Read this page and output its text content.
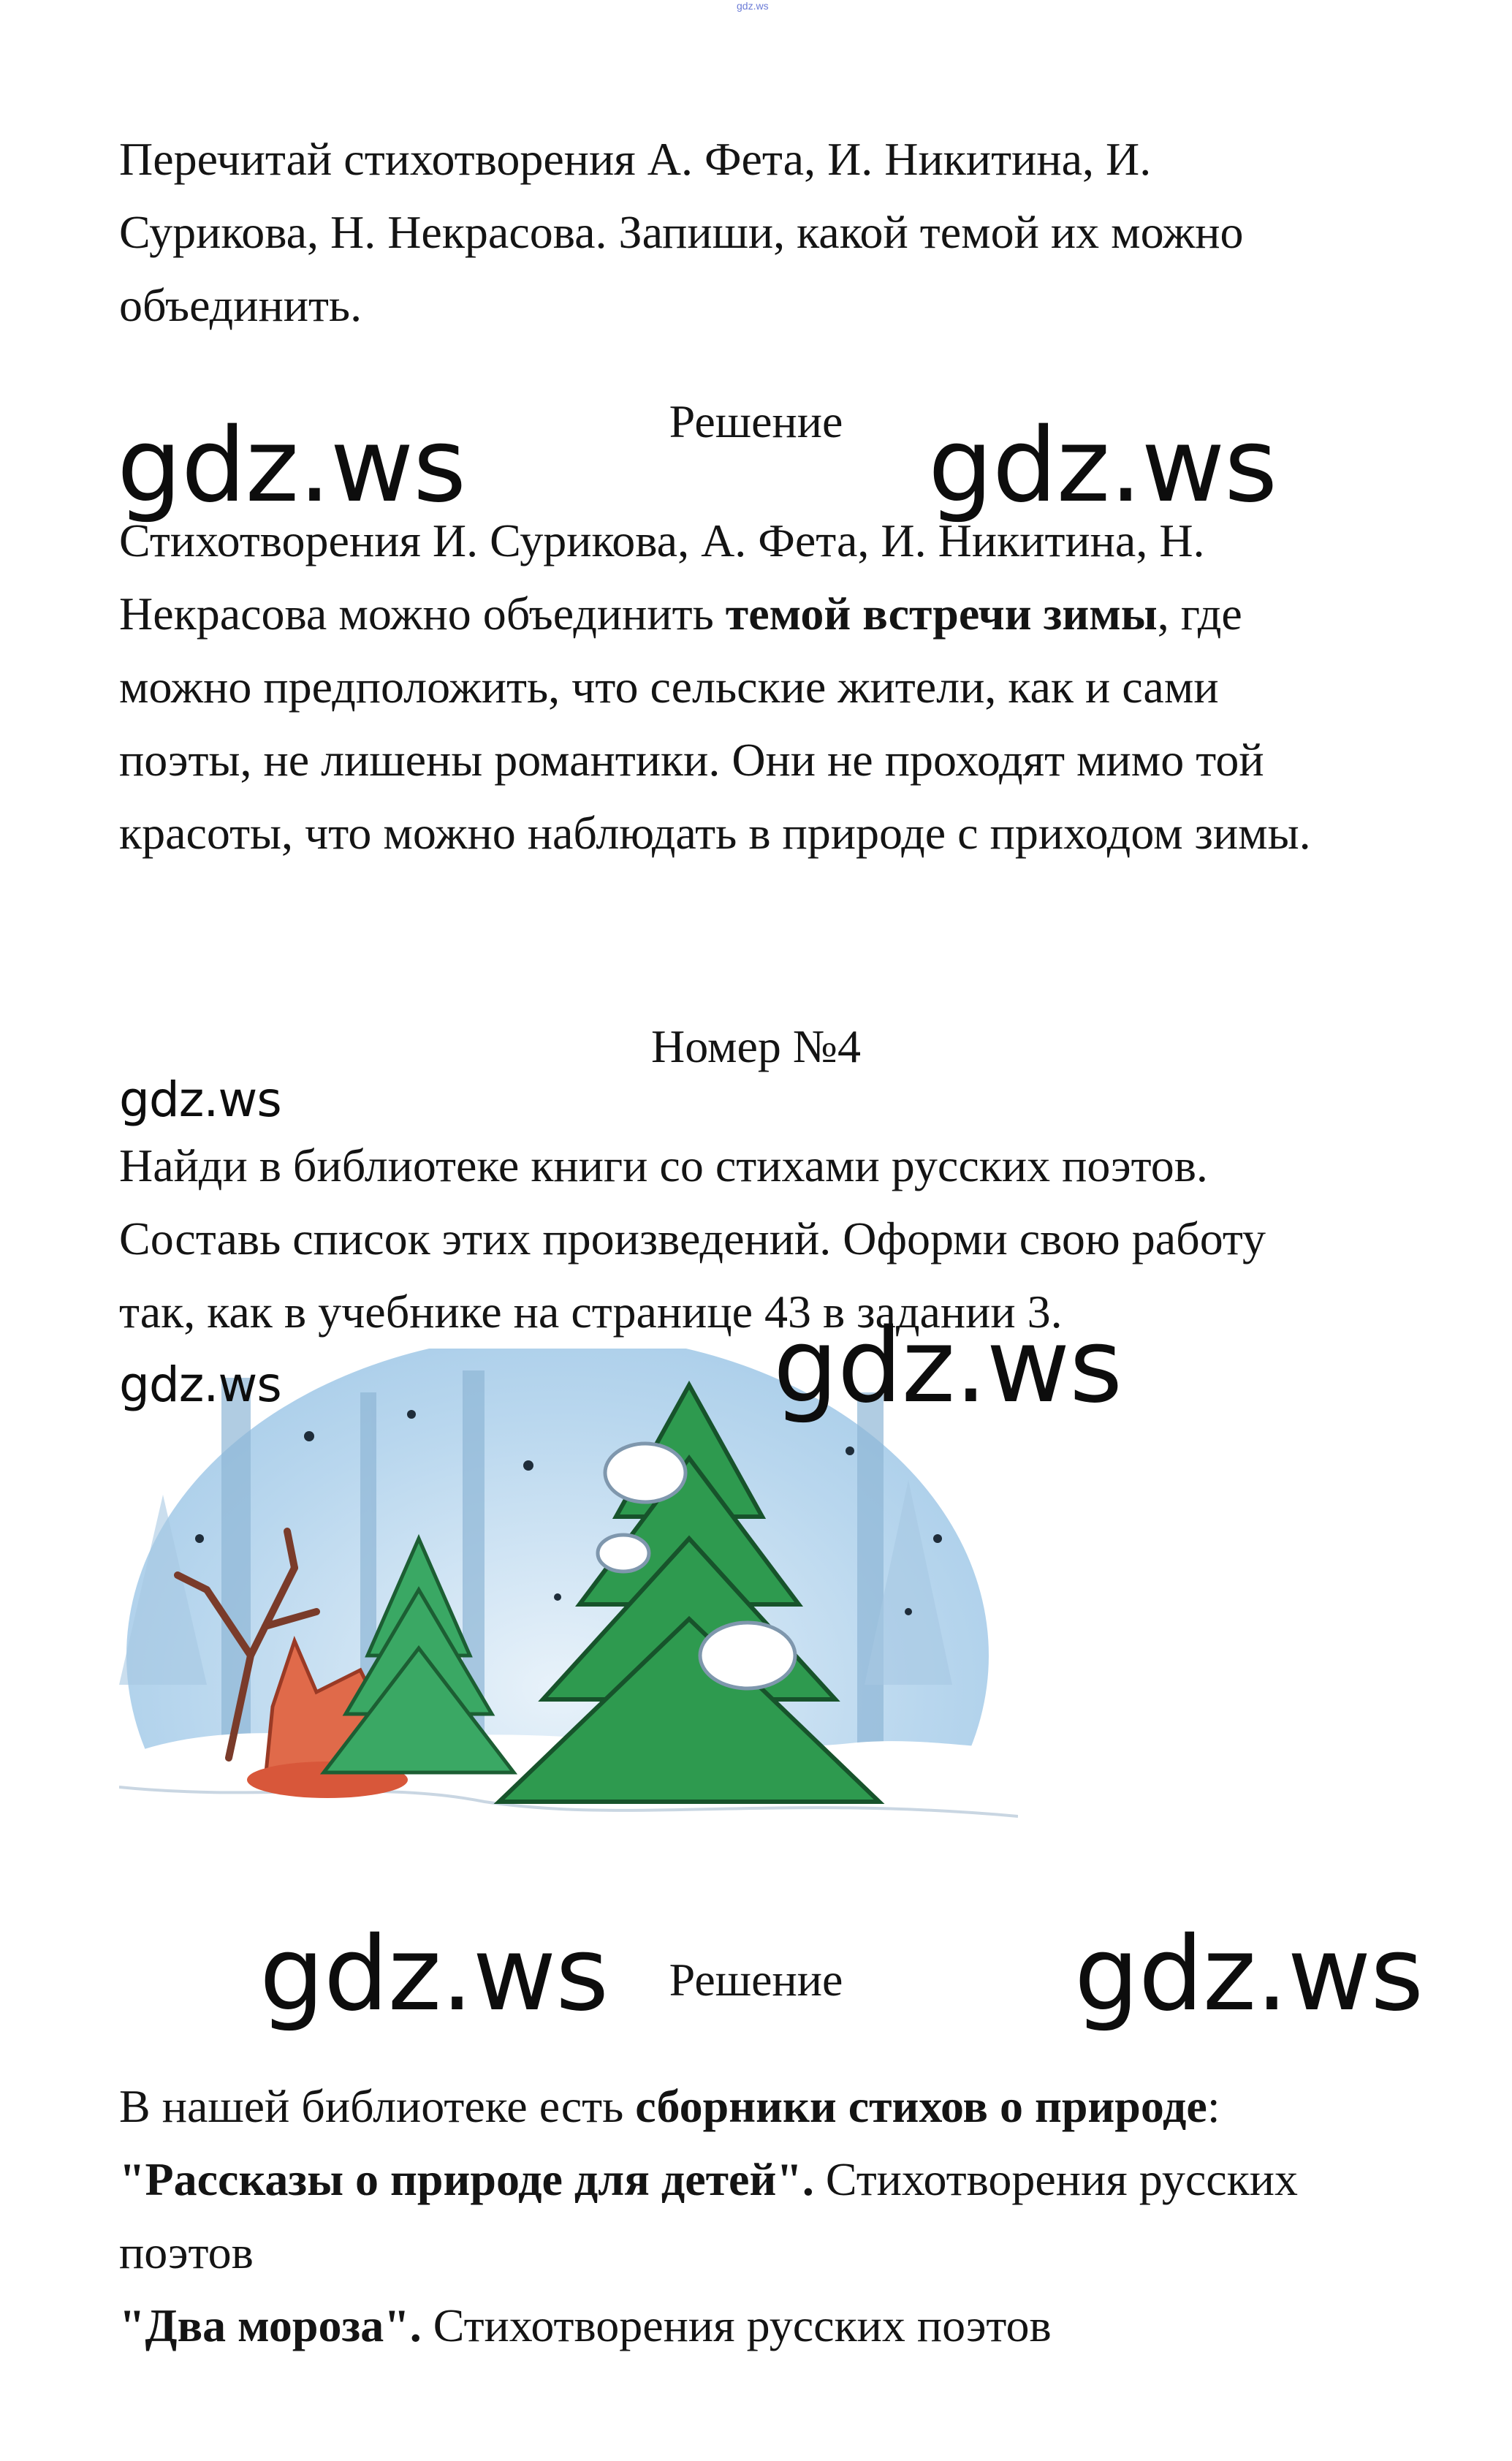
gdz.ws
Перечитай стихотворения А. Фета, И. Никитина, И.
Сурикова, Н. Некрасова. Запиши, какой темой их можно
объединить.
Решение
gdz.ws	gdz.ws
Стихотворения И. Сурикова, А. Фета, И. Никитина, Н.
Некрасова можно объединить темой встречи зимы, где
можно предположить, что сельские жители, как и сами
поэты, не лишены романтики. Они не проходят мимо той
красоты, что можно наблюдать в природе с приходом зимы.
Номер №4
gdz.ws
Найди в библиотеке книги со стихами русских поэтов.
Составь список этих произведений. Оформи свою работу
так, как в учебнике на странице 43 в задании 3.
gdz.ws	gdz.ws
gdz.ws	Решение	gdz.ws
В нашей библиотеке есть сборники стихов о природе:
"Рассказы о природе для детей". Стихотворения русских
поэтов
"Два мороза". Стихотворения русских поэтов
